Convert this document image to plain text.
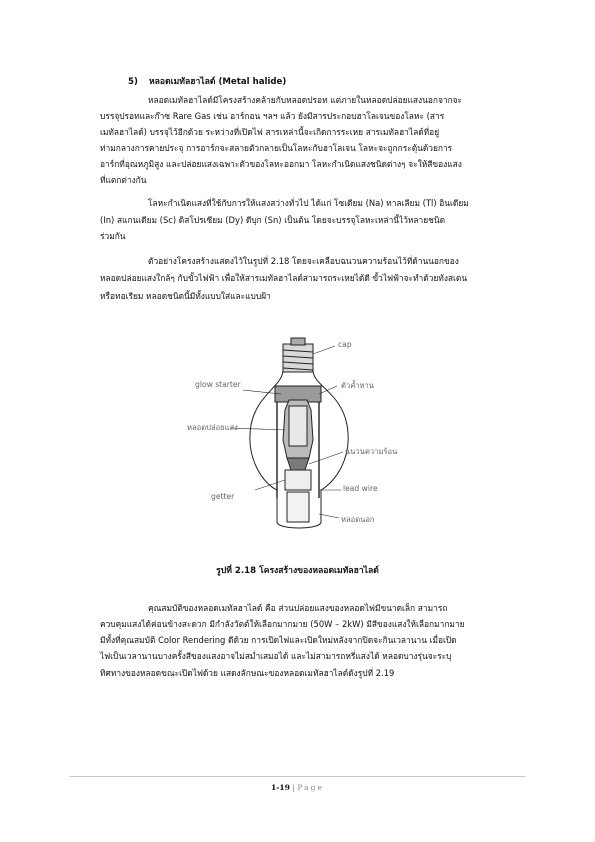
5) หลอดเมทัลฮาไลด์ (Metal halide)
หลอดเมทัลฮาไลด์มีโครงสร้างคล้ายกับหลอดปรอท แต่ภายในหลอดปล่อยแสงนอกจากจะ
บรรจุปรอทและก๊าซ Rare Gas เช่น อาร์กอน ฯลฯ แล้ว ยังมีสารประกอบฮาโลเจนของโลหะ (สาร
เมทัลฮาไลด์) บรรจุไว้อีกด้วย ระหว่างที่เปิดไฟ สารเหล่านี้จะเกิดการระเหย สารเมทัลฮาไลด์ที่อยู่
ท่ามกลางการคายประจุ การอาร์กจะสลายตัวกลายเป็นโลหะกับฮาโลเจน โลหะจะถูกกระตุ้นด้วยการ
อาร์กที่อุณหภูมิสูง และปล่อยแสงเฉพาะตัวของโลหะออกมา โลหะกำเนิดแสงชนิดต่างๆ จะให้สีของแสง
ที่แตกต่างกัน
โลหะกำเนิดแสงที่ใช้กับการให้แสงสว่างทั่วไป ได้แก่ โซเดียม (Na) ทาลเลียม (Tl) อินเดียม
(In) สแกนเดียม (Sc) ดิสโปรเซียม (Dy) ดีบุก (Sn) เป็นต้น โดยจะบรรจุโลหะเหล่านี้ไว้หลายชนิด
ร่วมกัน
ตัวอย่างโครงสร้างแสดงไว้ในรูปที่ 2.18 โดยจะเคลือบฉนวนความร้อนไว้ที่ด้านนอกของ
หลอดปล่อยแสงใกล้ๆ กับขั้วไฟฟ้า เพื่อให้สารเมทัลฮาไลด์สามารถระเหยได้ดี ขั้วไฟฟ้าจะทำด้วยทังสเตน
หรือทอเรียม หลอดชนิดนี้มีทั้งแบบใส่และแบบฝ้า
cap
glow starter	ตัวค้ำหาน
หลอดปล่อยแสง
ฉนวนความร้อน
lead wire
getter
หลอดนอก
รูปที่ 2.18 โครงสร้างของหลอดเมทัลฮาไลด์
คุณสมบัติของหลอดเมทัลฮาไลด์ คือ ส่วนปล่อยแสงของหลอดไฟมีขนาดเล็ก สามารถ
ควบคุมแสงได้ค่อนข้างสะดวก มีกำลังวัตต์ให้เลือกมากมาย (50W – 2kW) มีสีของแสงให้เลือกมากมาย
มีทั้งที่คุณสมบัติ Color Rendering ดีด้วย การเปิดไฟและเปิดใหม่หลังจากปิดจะกินเวลานาน เมื่อเปิด
ไฟเป็นเวลานานบางครั้งสีของแสงอาจไม่สม่ำเสมอได้ และไม่สามารถหรี่แสงได้ หลอดบางรุ่นจะระบุ
ทิศทางของหลอดขณะเปิดไฟด้วย แสดงลักษณะของหลอดเมทัลฮาไลด์ดังรูปที่ 2.19
1-19 | Page
